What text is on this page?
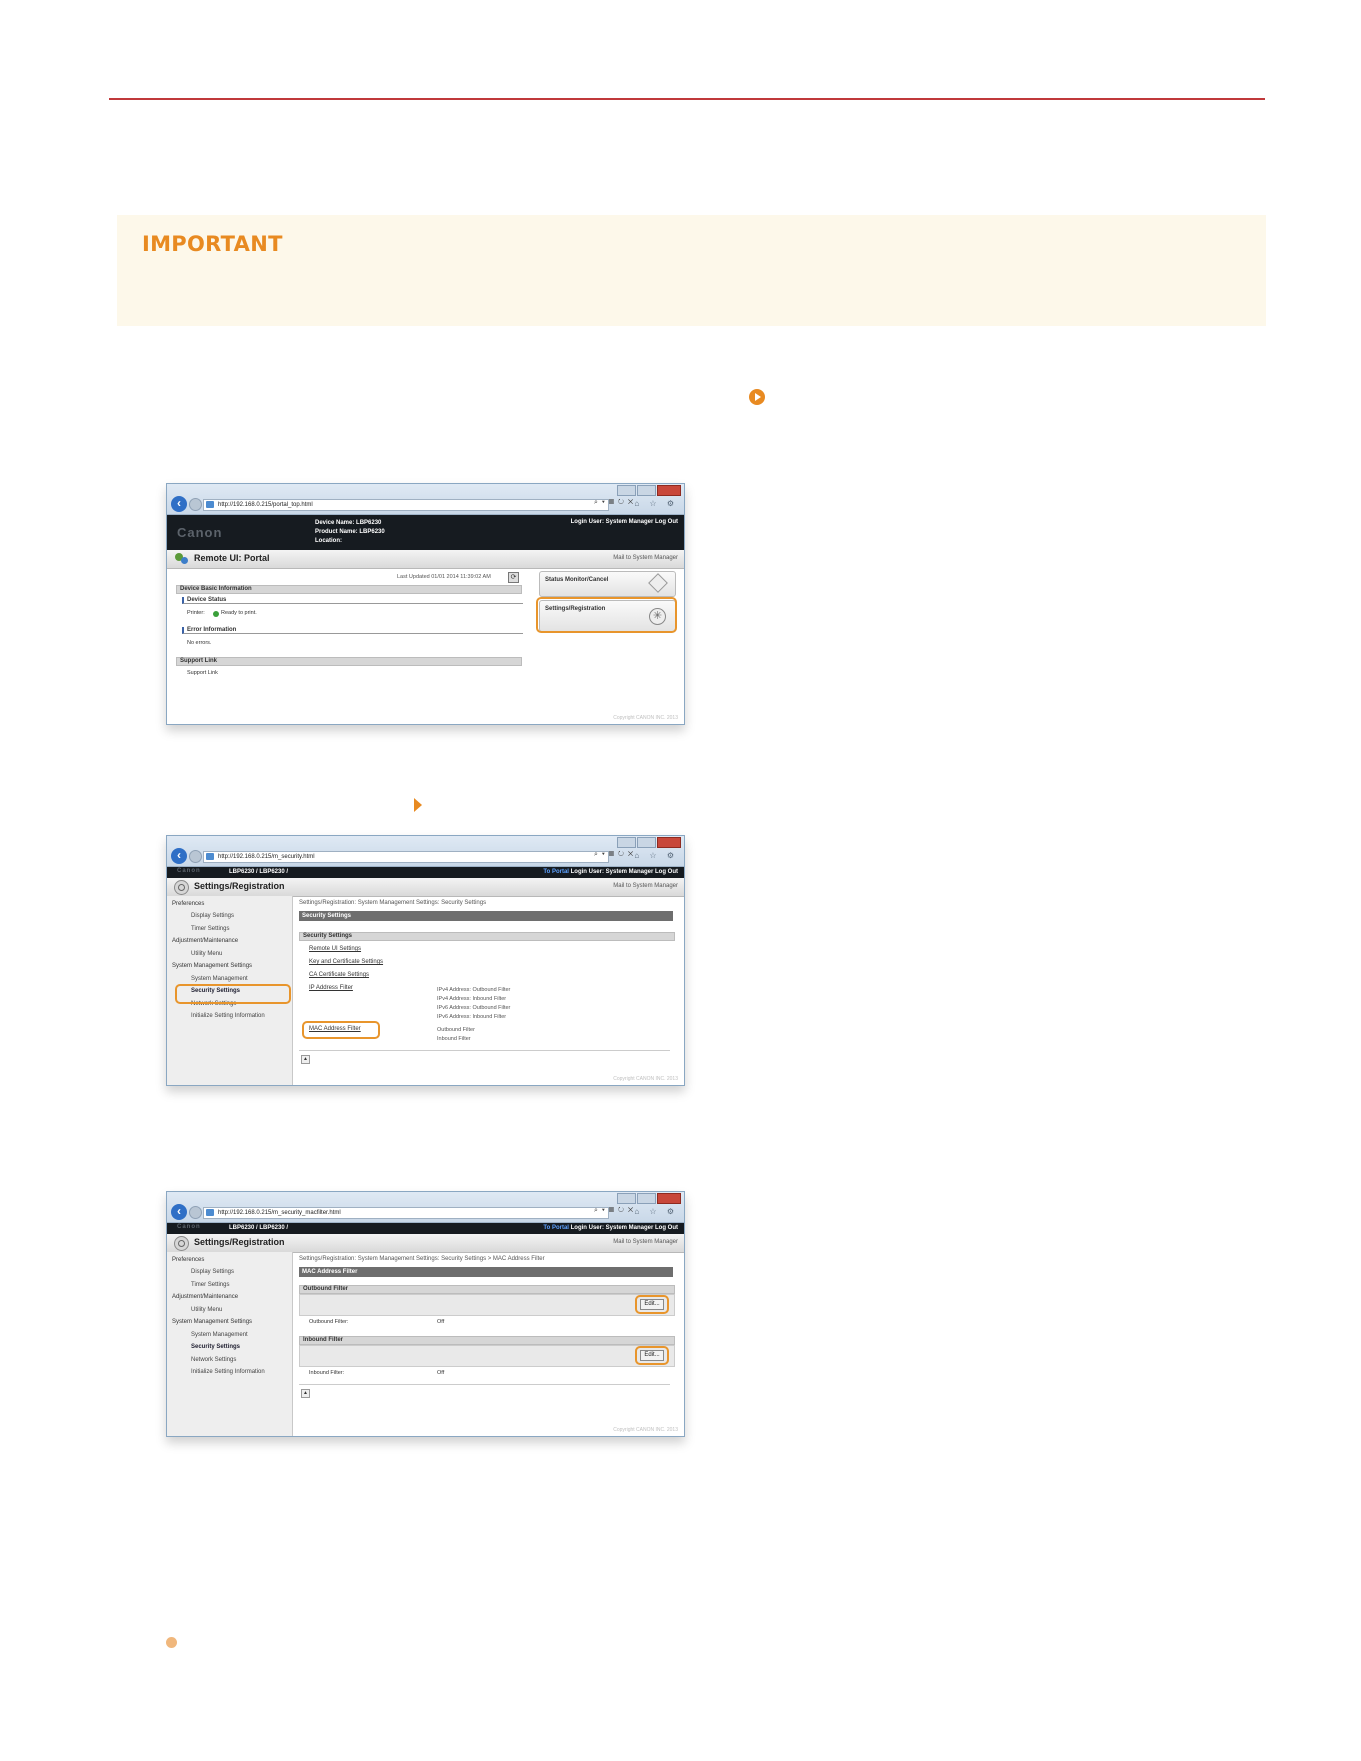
IMPORTANT
‹	http://192.168.0.215/portal_top.html	⌕ ▾ ▦ ↻ ✕ ⌂ ☆ ⚙
Canon
Device Name: LBP6230
Product Name: LBP6230
Location:
Login User: System Manager Log Out
Remote UI: Portal	Mail to System Manager
Last Updated 01/01 2014 11:39:02 AM	⟳
Device Basic Information
Device Status
Printer:	Ready to print.
Error Information
No errors.
Support Link
Support Link
Status Monitor/Cancel
Settings/Registration
✳
Copyright CANON INC. 2013
‹	http://192.168.0.215/m_security.html	⌕ ▾ ▦ ↻ ✕ ⌂ ☆ ⚙
Canon	LBP6230 / LBP6230 /	To Portal Login User: System Manager Log Out
Settings/Registration	Mail to System Manager
Preferences
Display Settings
Timer Settings
Adjustment/Maintenance
Utility Menu
System Management Settings
System Management
Security Settings
Network Settings
Initialize Setting Information
Settings/Registration: System Management Settings: Security Settings
Security Settings
Security Settings
Remote UI Settings
Key and Certificate Settings
CA Certificate Settings
IP Address Filter	IPv4 Address: Outbound Filter
IPv4 Address: Inbound Filter
IPv6 Address: Outbound Filter
IPv6 Address: Inbound Filter
MAC Address Filter	Outbound Filter
Inbound Filter
▲
Copyright CANON INC. 2013
‹	http://192.168.0.215/m_security_macfilter.html	⌕ ▾ ▦ ↻ ✕ ⌂ ☆ ⚙
Canon	LBP6230 / LBP6230 /	To Portal Login User: System Manager Log Out
Settings/Registration	Mail to System Manager
Preferences
Display Settings
Timer Settings
Adjustment/Maintenance
Utility Menu
System Management Settings
System Management
Security Settings
Network Settings
Initialize Setting Information
Settings/Registration: System Management Settings: Security Settings > MAC Address Filter
MAC Address Filter
Outbound Filter
Edit...
Outbound Filter:	Off
Inbound Filter
Edit...
Inbound Filter:	Off
▲
Copyright CANON INC. 2013
